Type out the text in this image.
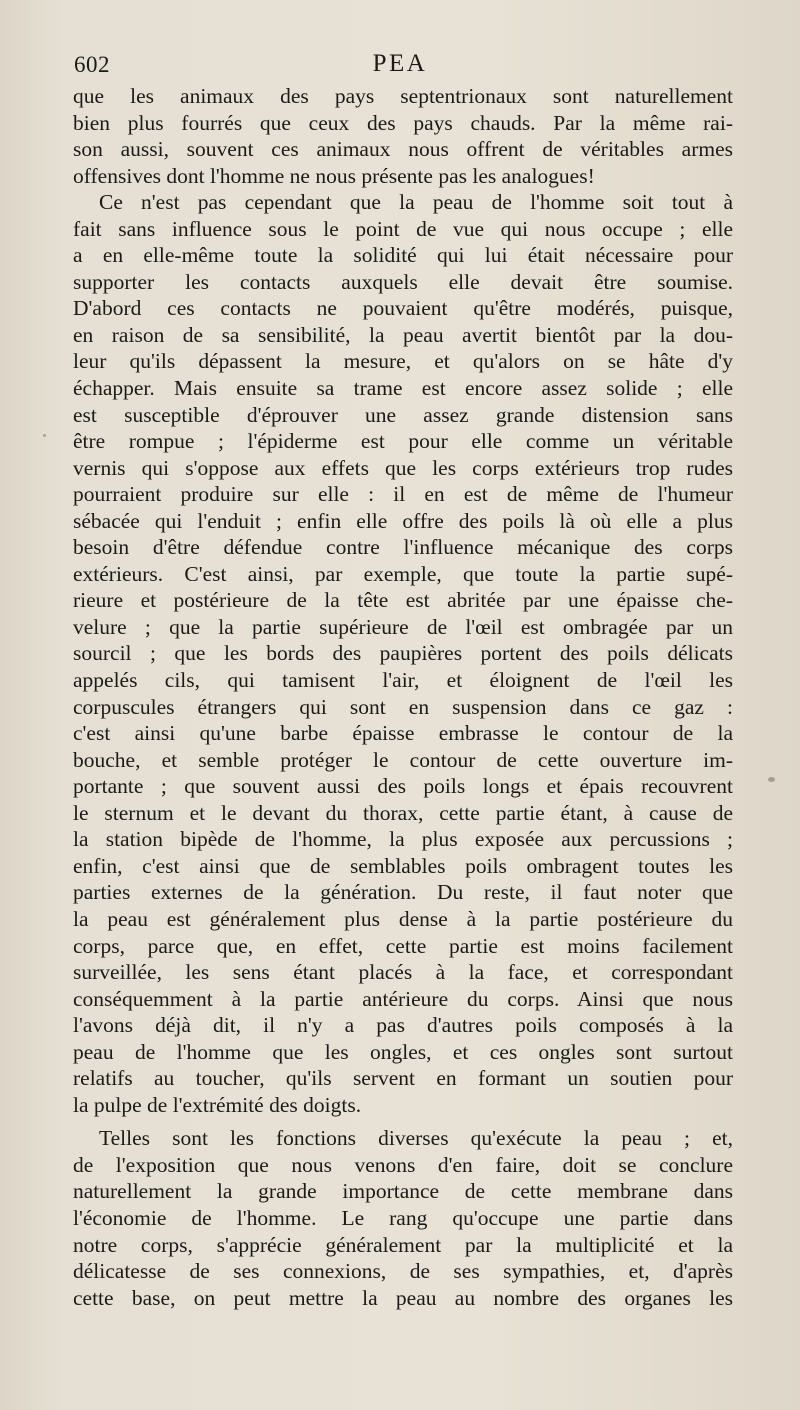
602	PEA
que les animaux des pays septentrionaux sont naturellement
bien plus fourrés que ceux des pays chauds. Par la même rai-
son aussi, souvent ces animaux nous offrent de véritables armes
offensives dont l'homme ne nous présente pas les analogues!
Ce n'est pas cependant que la peau de l'homme soit tout à
fait sans influence sous le point de vue qui nous occupe ; elle
a en elle-même toute la solidité qui lui était nécessaire pour
supporter les contacts auxquels elle devait être soumise.
D'abord ces contacts ne pouvaient qu'être modérés, puisque,
en raison de sa sensibilité, la peau avertit bientôt par la dou-
leur qu'ils dépassent la mesure, et qu'alors on se hâte d'y
échapper. Mais ensuite sa trame est encore assez solide ; elle
est susceptible d'éprouver une assez grande distension sans
être rompue ; l'épiderme est pour elle comme un véritable
vernis qui s'oppose aux effets que les corps extérieurs trop rudes
pourraient produire sur elle : il en est de même de l'humeur
sébacée qui l'enduit ; enfin elle offre des poils là où elle a plus
besoin d'être défendue contre l'influence mécanique des corps
extérieurs. C'est ainsi, par exemple, que toute la partie supé-
rieure et postérieure de la tête est abritée par une épaisse che-
velure ; que la partie supérieure de l'œil est ombragée par un
sourcil ; que les bords des paupières portent des poils délicats
appelés cils, qui tamisent l'air, et éloignent de l'œil les
corpuscules étrangers qui sont en suspension dans ce gaz :
c'est ainsi qu'une barbe épaisse embrasse le contour de la
bouche, et semble protéger le contour de cette ouverture im-
portante ; que souvent aussi des poils longs et épais recouvrent
le sternum et le devant du thorax, cette partie étant, à cause de
la station bipède de l'homme, la plus exposée aux percussions ;
enfin, c'est ainsi que de semblables poils ombragent toutes les
parties externes de la génération. Du reste, il faut noter que
la peau est généralement plus dense à la partie postérieure du
corps, parce que, en effet, cette partie est moins facilement
surveillée, les sens étant placés à la face, et correspondant
conséquemment à la partie antérieure du corps. Ainsi que nous
l'avons déjà dit, il n'y a pas d'autres poils composés à la
peau de l'homme que les ongles, et ces ongles sont surtout
relatifs au toucher, qu'ils servent en formant un soutien pour
la pulpe de l'extrémité des doigts.
Telles sont les fonctions diverses qu'exécute la peau ; et,
de l'exposition que nous venons d'en faire, doit se conclure
naturellement la grande importance de cette membrane dans
l'économie de l'homme. Le rang qu'occupe une partie dans
notre corps, s'apprécie généralement par la multiplicité et la
délicatesse de ses connexions, de ses sympathies, et, d'après
cette base, on peut mettre la peau au nombre des organes les
